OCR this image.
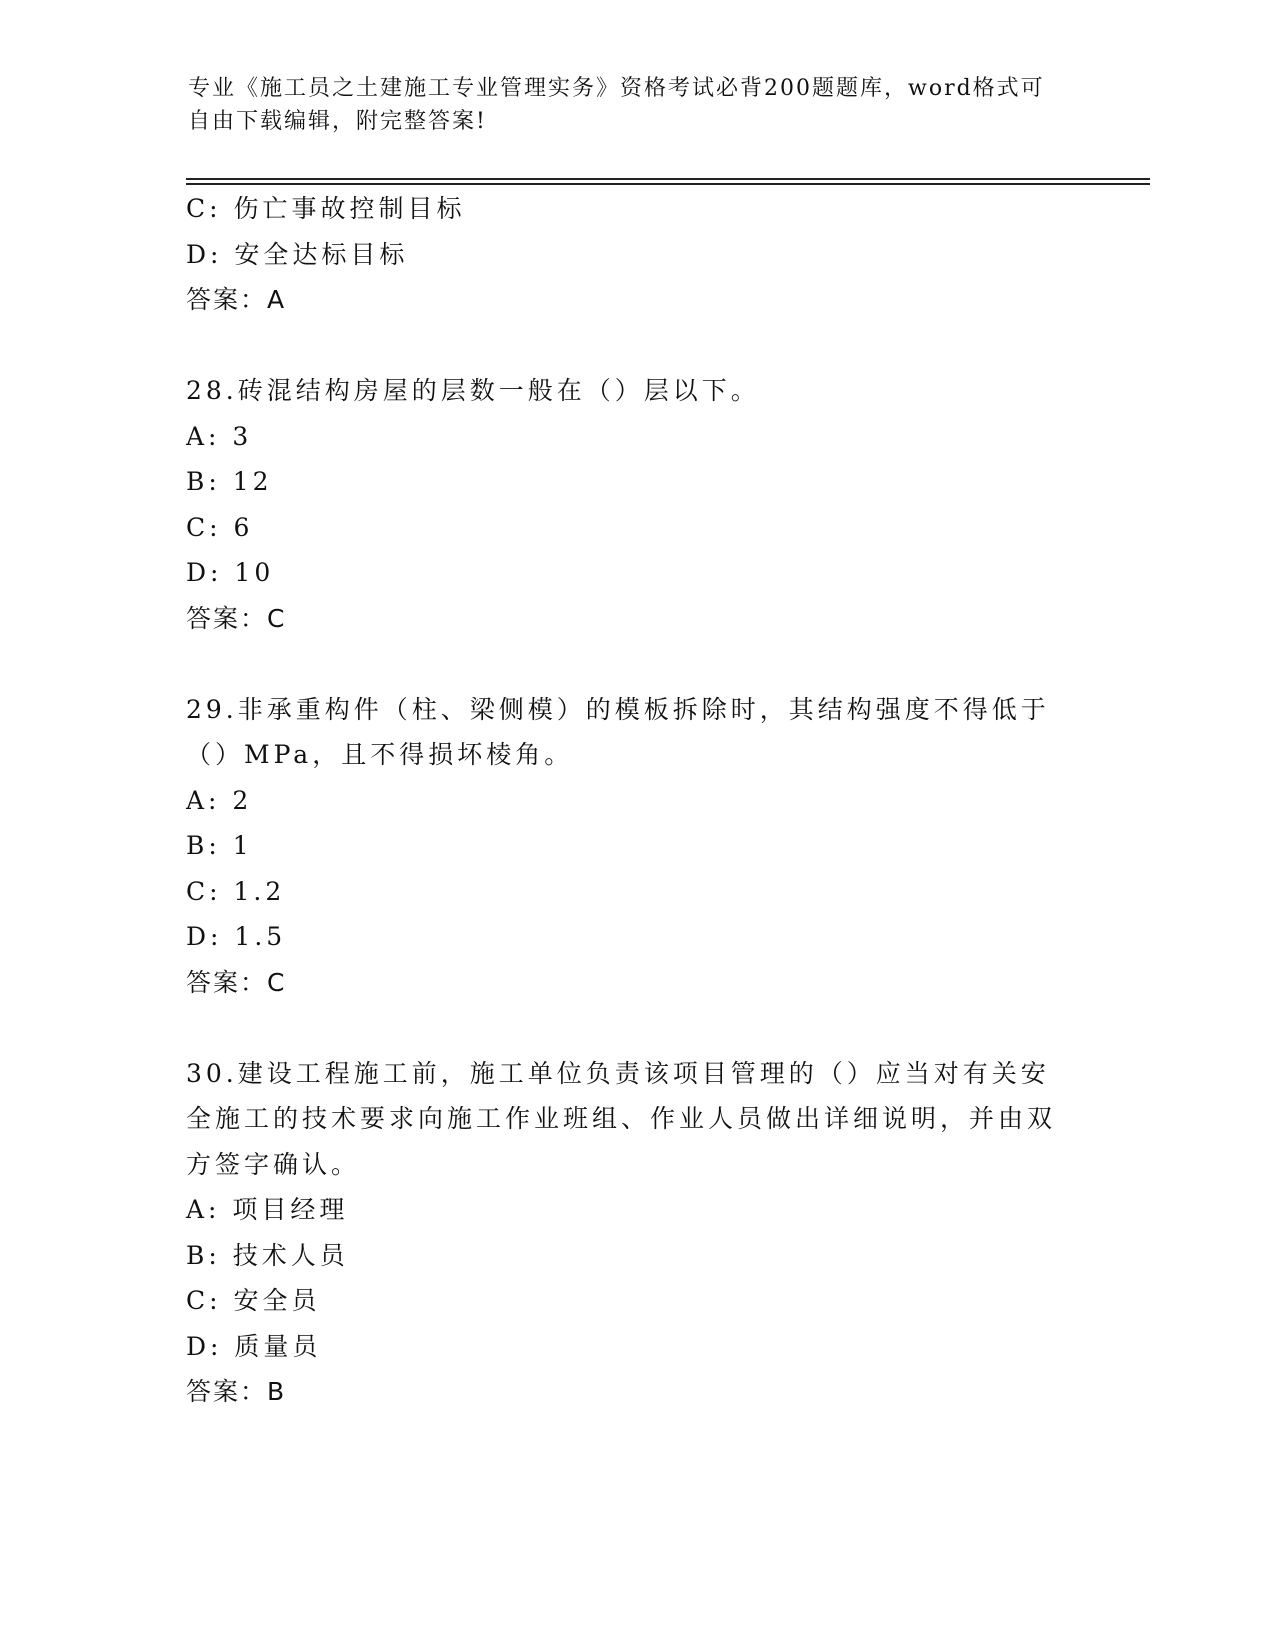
专业《施工员之土建施工专业管理实务》资格考试必背200题题库，word格式可自由下载编辑，附完整答案!
C: 伤亡事故控制目标
D: 安全达标目标
答案：A
28.砖混结构房屋的层数一般在（）层以下。
A: 3
B: 12
C: 6
D: 10
答案：C
29.非承重构件（柱、梁侧模）的模板拆除时，其结构强度不得低于（）MPa，且不得损坏棱角。
A: 2
B: 1
C: 1.2
D: 1.5
答案：C
30.建设工程施工前，施工单位负责该项目管理的（）应当对有关安全施工的技术要求向施工作业班组、作业人员做出详细说明，并由双方签字确认。
A: 项目经理
B: 技术人员
C: 安全员
D: 质量员
答案：B
